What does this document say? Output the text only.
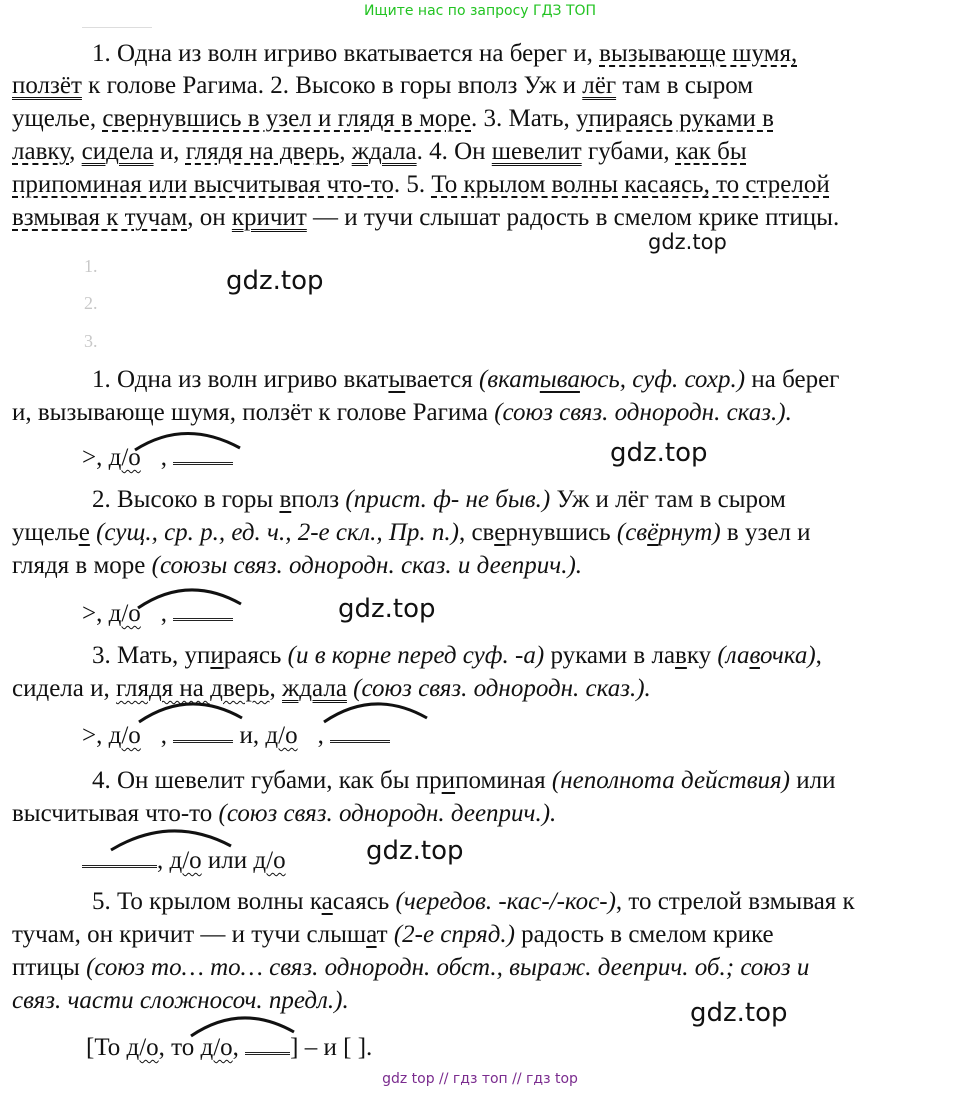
Ищите нас по запросу ГДЗ ТОП
1. Одна из волн игриво вкатывается на берег и, вызывающе шумя,
ползёт к голове Рагима. 2. Высоко в горы вполз Уж и лёг там в сыром
ущелье, свернувшись в узел и глядя в море. 3. Мать, упираясь руками в
лавку, сидела и, глядя на дверь, ждала. 4. Он шевелит губами, как бы
припоминая или высчитывая что-то. 5. То крылом волны касаясь, то стрелой
взмывая к тучам, он кричит — и тучи слышат радость в смелом крике птицы.
gdz.top
1.
2.
3.
gdz.top
1. Одна из волн игриво вкатывается (вкатываюсь, суф. сохр.) на берег
и, вызывающе шумя, ползёт к голове Рагима (союз связ. однородн. сказ.).
>, д/о ,	gdz.top
2. Высоко в горы вполз (прист. ф- не быв.) Уж и лёг там в сыром
ущелье (сущ., ср. р., ед. ч., 2-е скл., Пр. п.), свернувшись (свёрнут) в узел и
глядя в море (союзы связ. однородн. сказ. и дееприч.).
>, д/о ,	gdz.top
3. Мать, упираясь (и в корне перед суф. -а) руками в лавку (лавочка),
сидела и, глядя на дверь, ждала (союз связ. однородн. сказ.).
>, д/о ,  и, д/о ,
4. Он шевелит губами, как бы припоминая (неполнота действия) или
высчитывая что-то (союз связ. однородн. дееприч.).
, д/о или д/о	gdz.top
5. То крылом волны касаясь (чередов. -кас-/-кос-), то стрелой взмывая к
тучам, он кричит — и тучи слышат (2-е спряд.) радость в смелом крике
птицы (союз то… то… связ. однородн. обст., выраж. дееприч. об.; союз и
связ. части сложносоч. предл.).	gdz.top
[То д/о, то д/о, ] – и [ ].
gdz top // гдз топ // гдз top
